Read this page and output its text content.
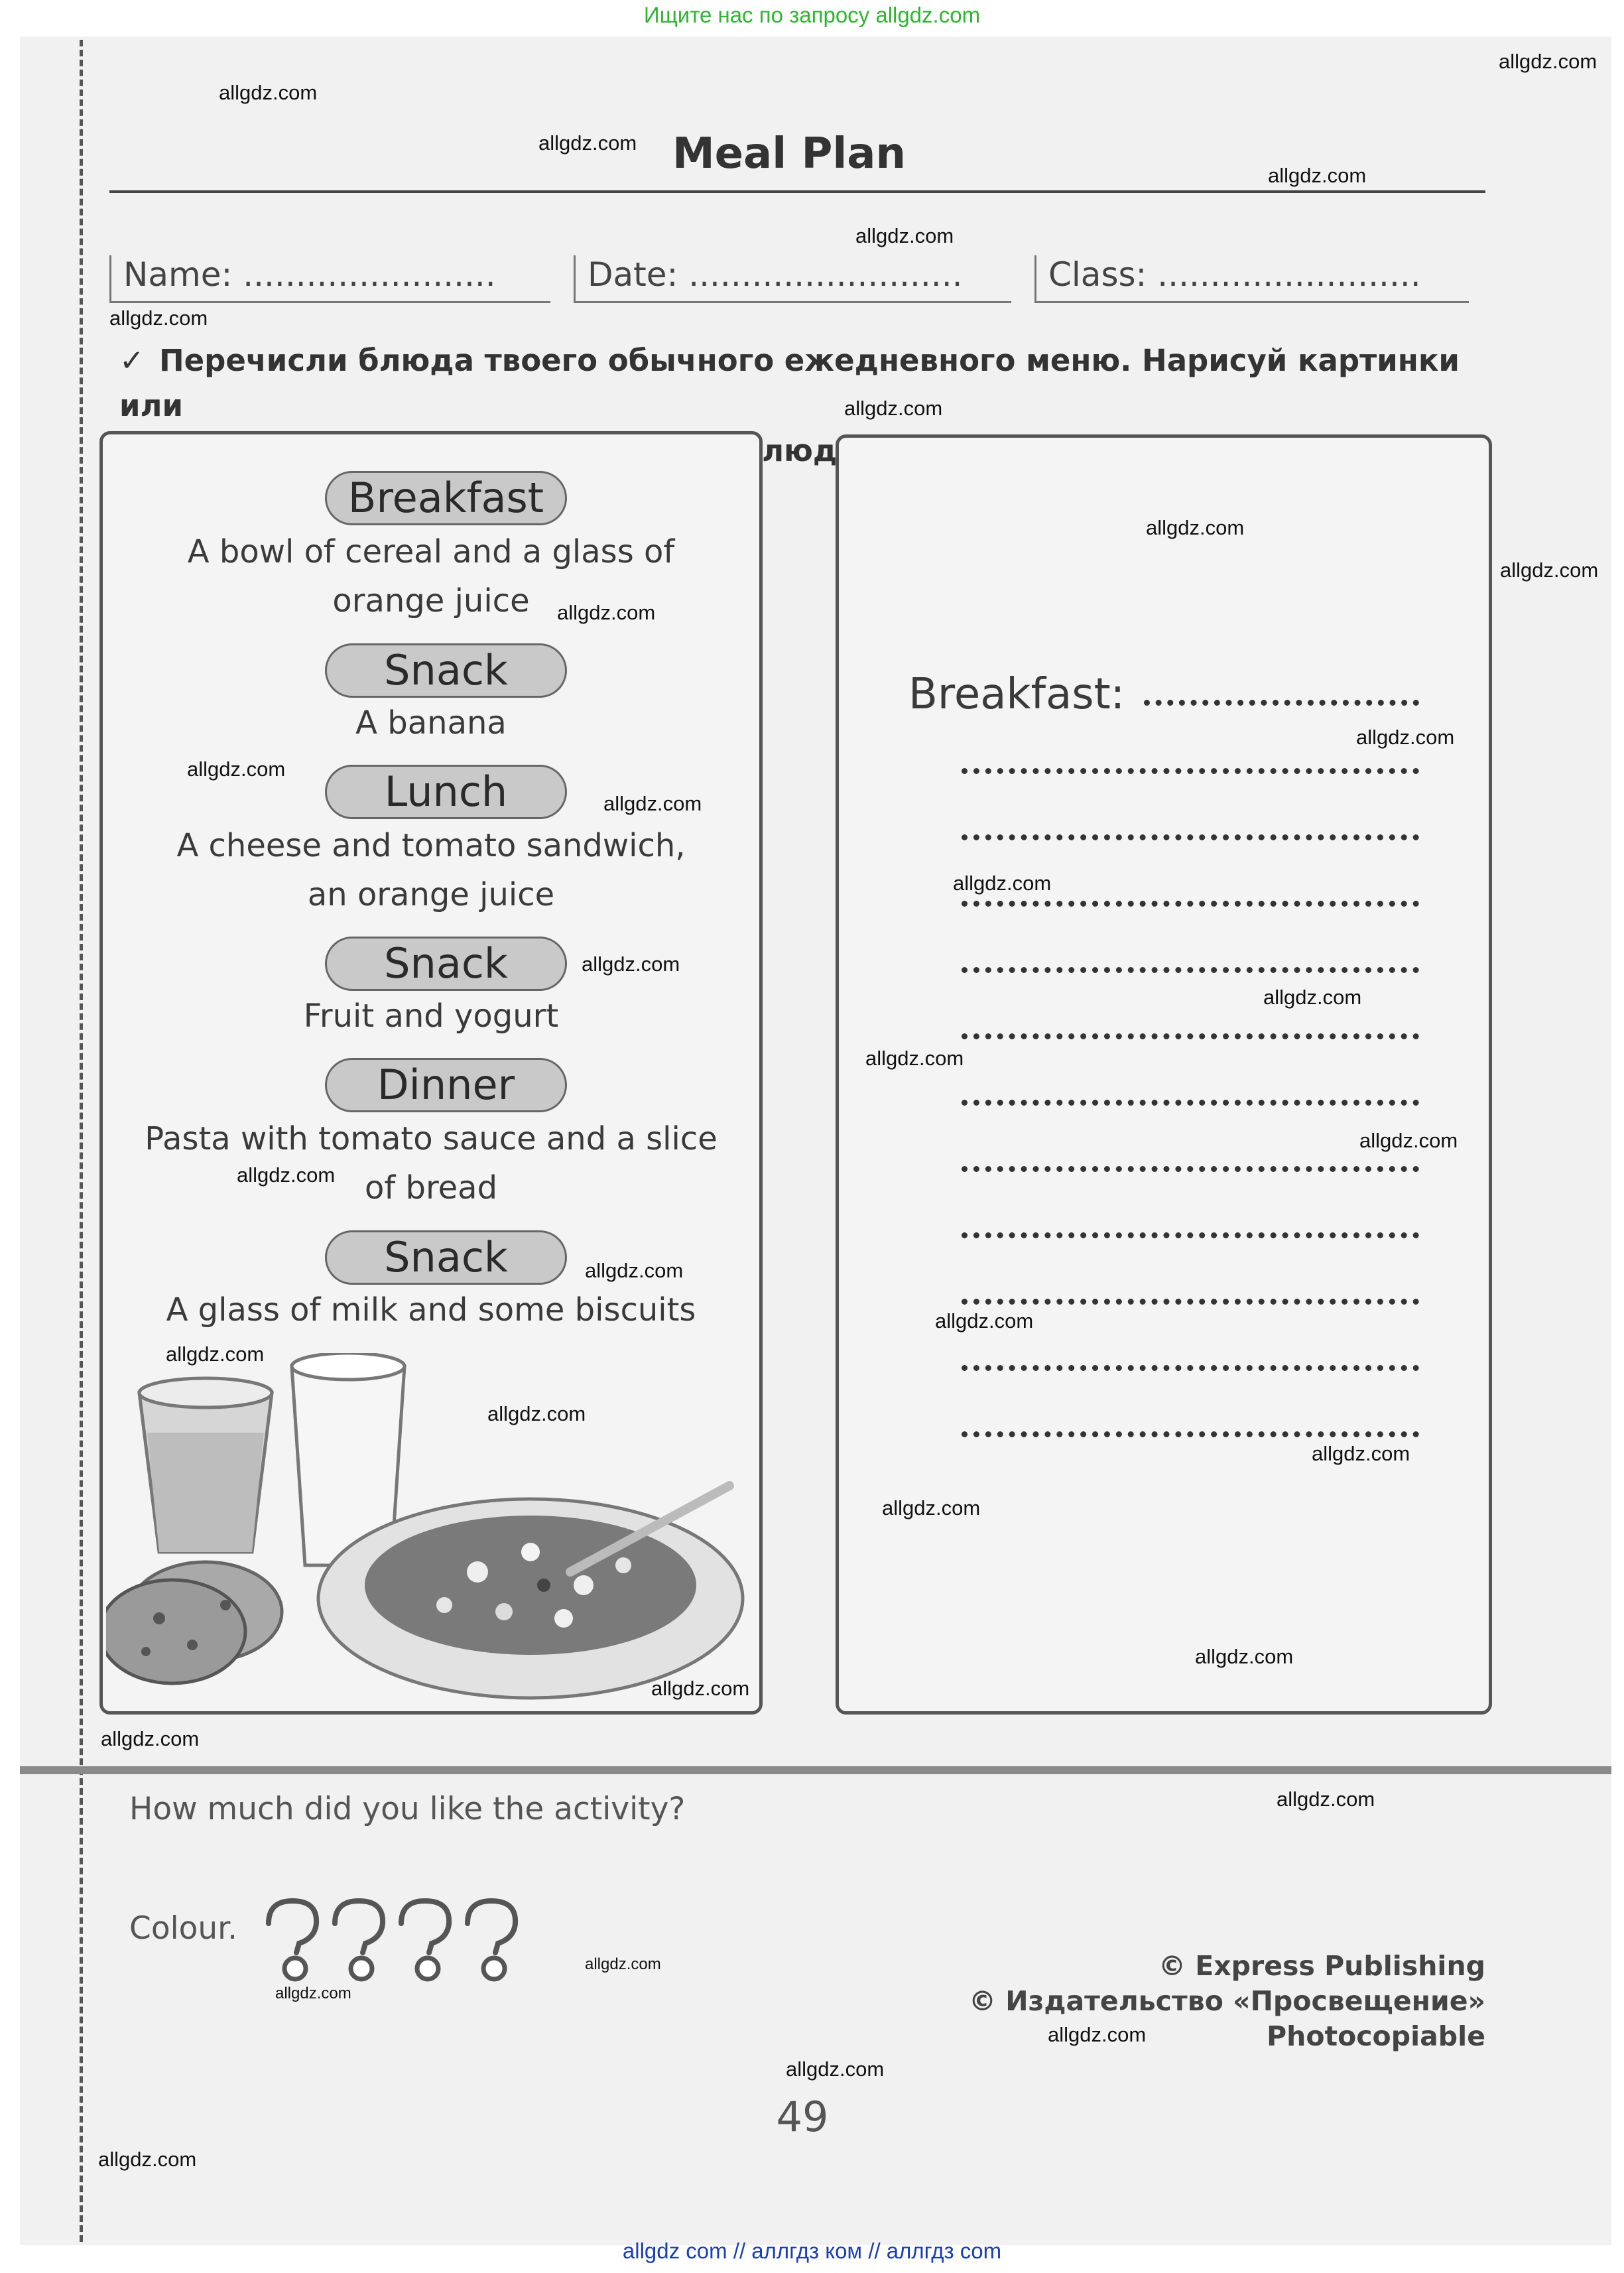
Ищите нас по запросу allgdz.com
Meal Plan
Name: ........................	Date: ..........................	Class: .........................
✓ Перечисли блюда твоего обычного ежедневного меню. Нарисуй картинки или
блюд.
Breakfast
A bowl of cereal and a glass of
orange juice
Snack
A banana
Lunch
A cheese and tomato sandwich,
an orange juice
Snack
Fruit and yogurt
Dinner
Pasta with tomato sauce and a slice
of bread
Snack
A glass of milk and some biscuits
Breakfast:
How much did you like the activity?
Colour.
© Express Publishing
© Издательство «Просвещение»
Photocopiable
49
allgdz.com
allgdz.com
allgdz.com
allgdz.com
allgdz.com
allgdz.com
allgdz.com
allgdz.com
allgdz.com
allgdz.com
allgdz.com
allgdz.com
allgdz.com
allgdz.com
allgdz.com
allgdz.com
allgdz.com
allgdz.com
allgdz.com
allgdz.com
allgdz.com
allgdz.com
allgdz.com
allgdz.com
allgdz.com
allgdz.com
allgdz.com
allgdz.com
allgdz.com
allgdz.com
allgdz.com
allgdz.com
allgdz.com
allgdz.com
allgdz com // аллгдз ком // аллгдз com
